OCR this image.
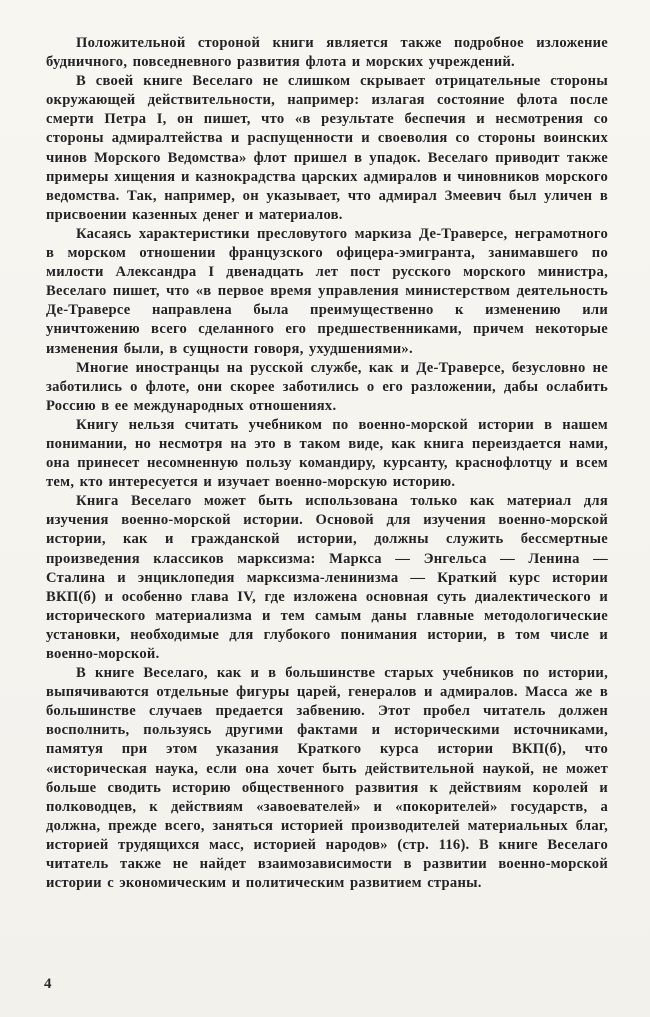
Положительной стороной книги является также подробное изложение будничного, повседневного развития флота и морских учреждений.

В своей книге Веселаго не слишком скрывает отрицательные стороны окружающей действительности, например: излагая состояние флота после смерти Петра I, он пишет, что «в результате беспечия и несмотрения со стороны адмиралтейства и распущенности и своеволия со стороны воинских чинов Морского Ведомства» флот пришел в упадок. Веселаго приводит также примеры хищения и казнокрадства царских адмиралов и чиновников морского ведомства. Так, например, он указывает, что адмирал Змеевич был уличен в присвоении казенных денег и материалов.

Касаясь характеристики пресловутого маркиза Де-Траверсе, неграмотного в морском отношении французского офицера-эмигранта, занимавшего по милости Александра I двенадцать лет пост русского морского министра, Веселаго пишет, что «в первое время управления министерством деятельность Де-Траверсе направлена была преимущественно к изменению или уничтожению всего сделанного его предшественниками, причем некоторые изменения были, в сущности говоря, ухудшениями».

Многие иностранцы на русской службе, как и Де-Траверсе, безусловно не заботились о флоте, они скорее заботились о его разложении, дабы ослабить Россию в ее международных отношениях.

Книгу нельзя считать учебником по военно-морской истории в нашем понимании, но несмотря на это в таком виде, как книга переиздается нами, она принесет несомненную пользу командиру, курсанту, краснофлотцу и всем тем, кто интересуется и изучает военно-морскую историю.

Книга Веселаго может быть использована только как материал для изучения военно-морской истории. Основой для изучения военно-морской истории, как и гражданской истории, должны служить бессмертные произведения классиков марксизма: Маркса — Энгельса — Ленина — Сталина и энциклопедия марксизма-ленинизма — Краткий курс истории ВКП(б) и особенно глава IV, где изложена основная суть диалектического и исторического материализма и тем самым даны главные методологические установки, необходимые для глубокого понимания истории, в том числе и военно-морской.

В книге Веселаго, как и в большинстве старых учебников по истории, выпячиваются отдельные фигуры царей, генералов и адмиралов. Масса же в большинстве случаев предается забвению. Этот пробел читатель должен восполнить, пользуясь другими фактами и историческими источниками, памятуя при этом указания Краткого курса истории ВКП(б), что «историческая наука, если она хочет быть действительной наукой, не может больше сводить историю общественного развития к действиям королей и полководцев, к действиям «завоевателей» и «покорителей» государств, а должна, прежде всего, заняться историей производителей материальных благ, историей трудящихся масс, историей народов» (стр. 116). В книге Веселаго читатель также не найдет взаимозависимости в развитии военно-морской истории с экономическим и политическим развитием страны.

4
